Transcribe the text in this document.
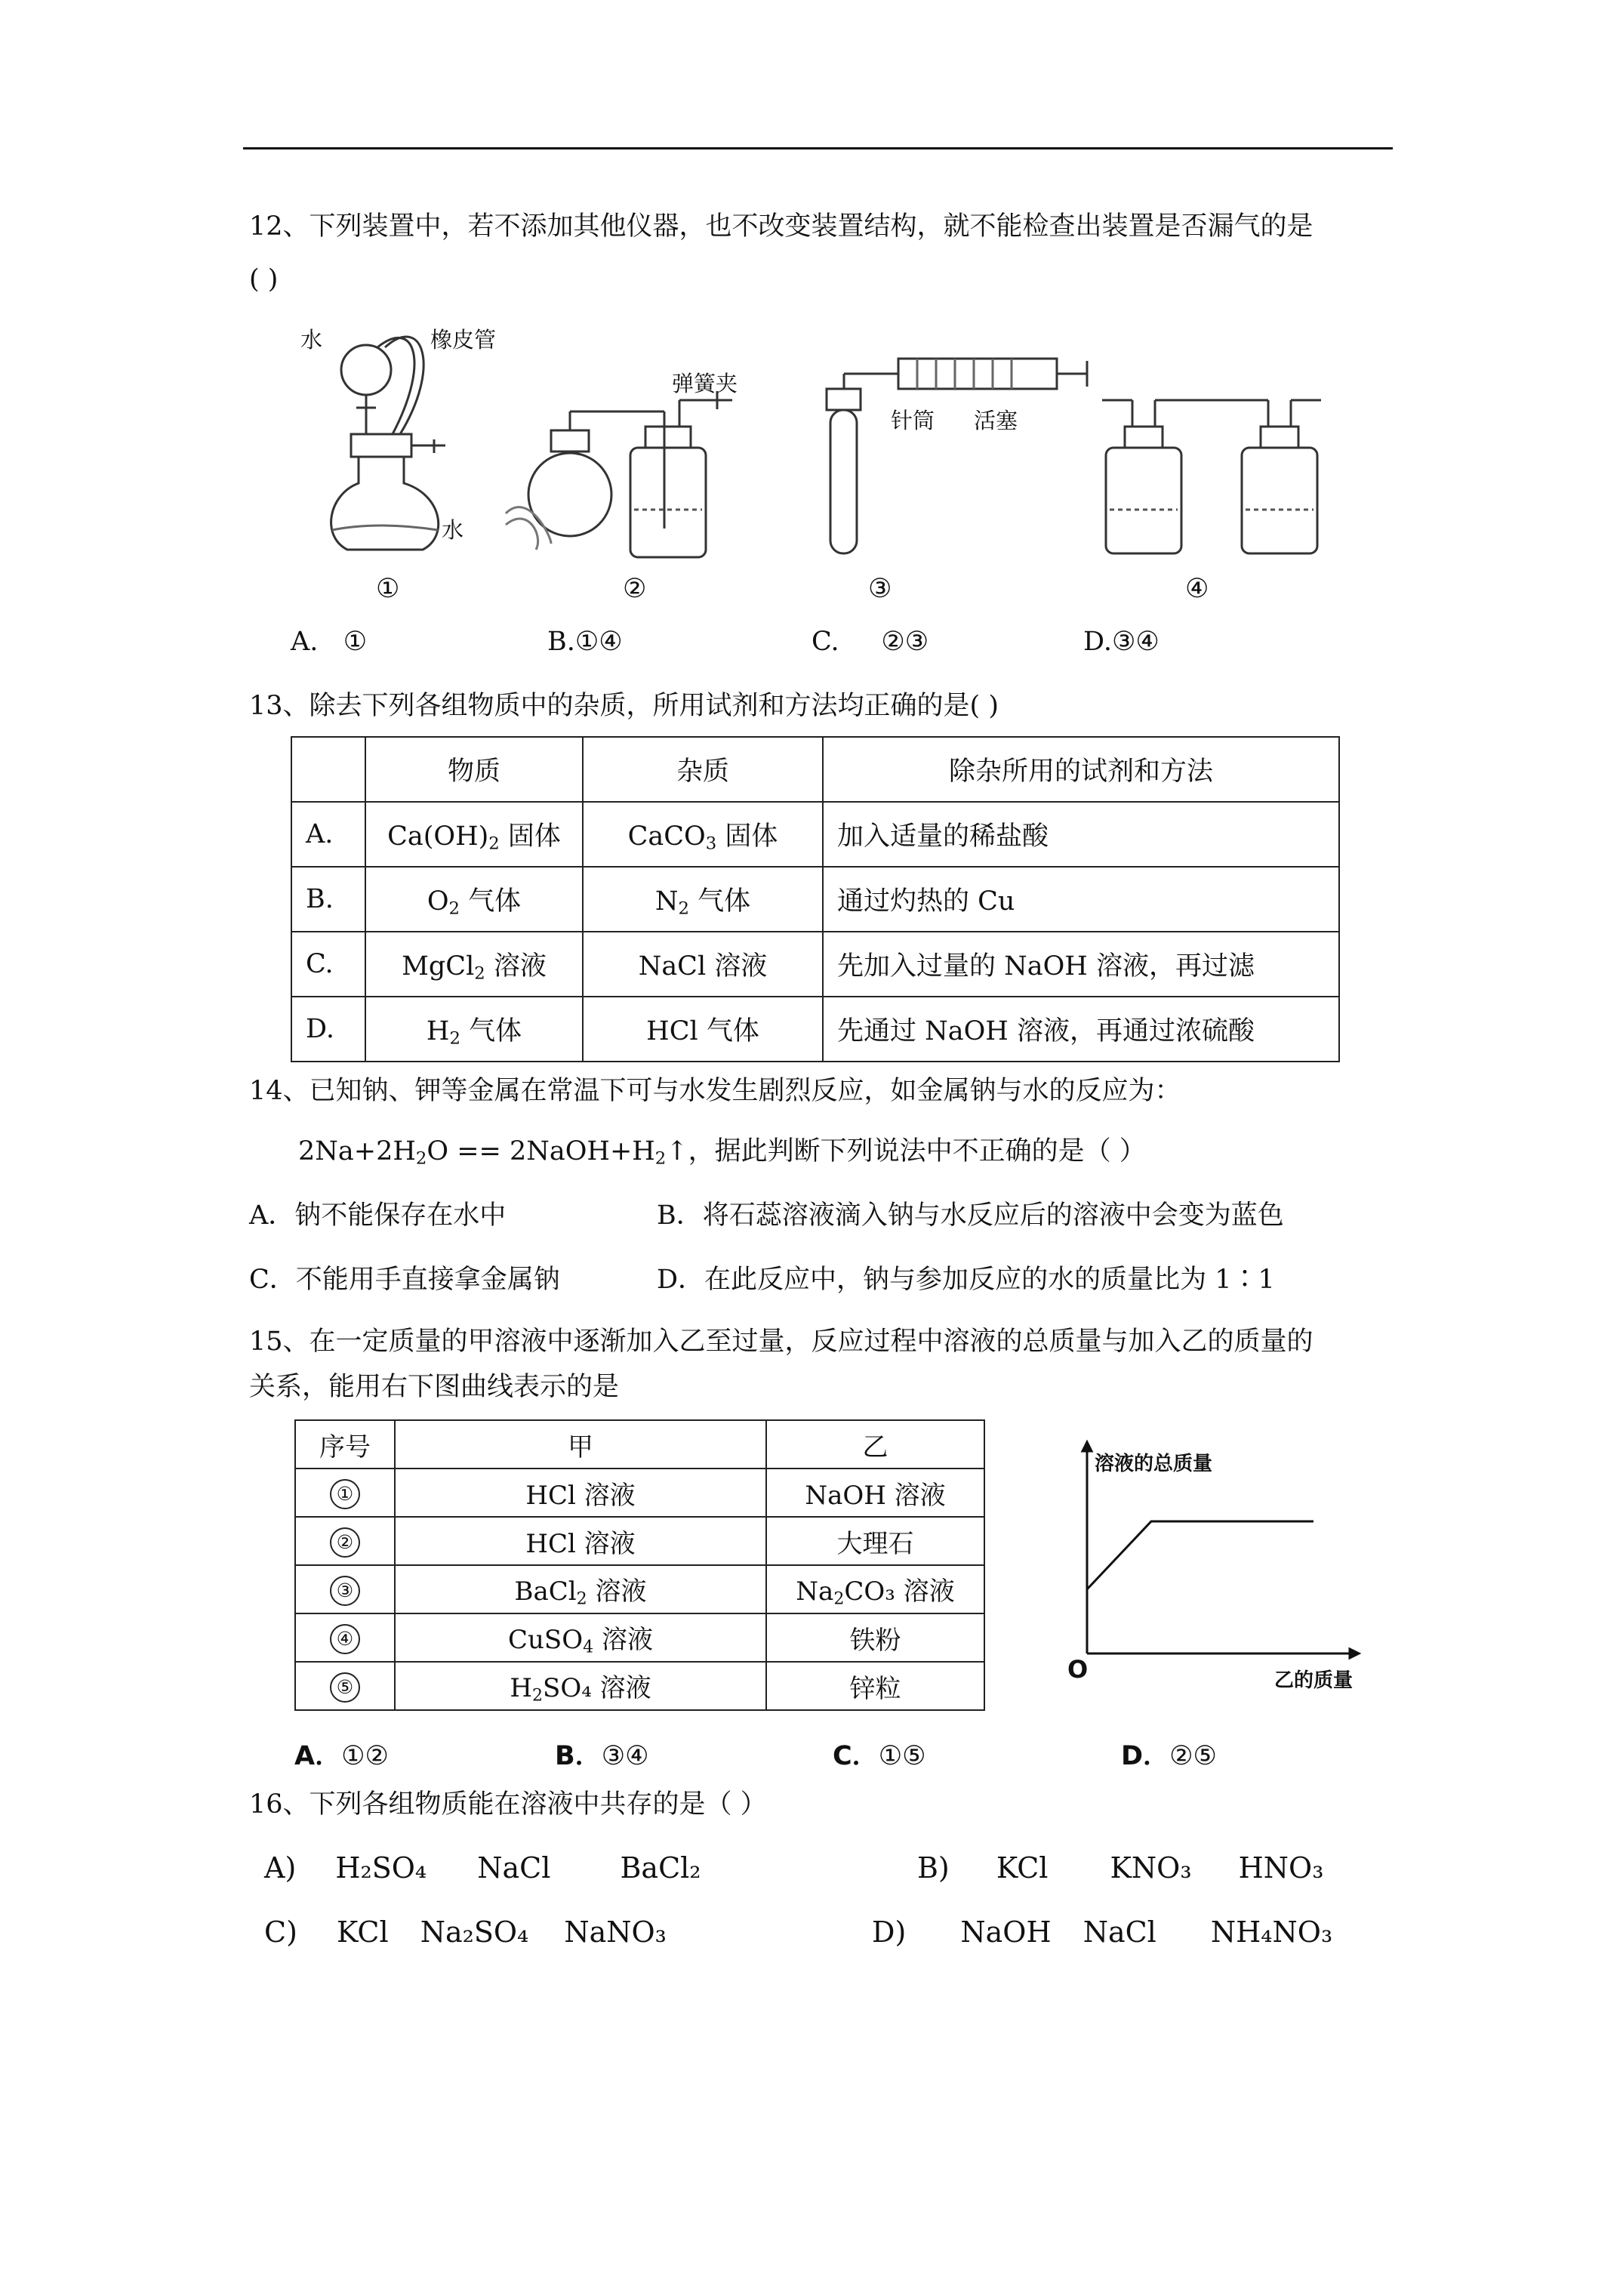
12、下列装置中，若不添加其他仪器，也不改变装置结构，就不能检查出装置是否漏气的是
( )
水	橡皮管
水
弹簧夹
针筒 活塞
①	②	③	④
A. ①	B.①④	C. ②③	D.③④
13、除去下列各组物质中的杂质，所用试剂和方法均正确的是( )
	物质	杂质	除杂所用的试剂和方法
A.	$Ca(OH)_2$ 固体	CaCO$_3$ 固体	加入适量的稀盐酸
B.	$O_2$ 气体	$N_2$ 气体	通过灼热的 Cu
C.	MgCl$_2$ 溶液	NaCl 溶液	先加入过量的 NaOH 溶液，再过滤
D.	$H_2$ 气体	HCl 气体	先通过 NaOH 溶液，再通过浓硫酸
14、已知钠、钾等金属在常温下可与水发生剧烈反应，如金属钠与水的反应为：
$2Na+2H_2O$ == $2NaOH+H_2↑$，据此判断下列说法中不正确的是（ ）
A．钠不能保存在水中	B．将石蕊溶液滴入钠与水反应后的溶液中会变为蓝色
C．不能用手直接拿金属钠	D．在此反应中，钠与参加反应的水的质量比为 1∶1
15、在一定质量的甲溶液中逐渐加入乙至过量，反应过程中溶液的总质量与加入乙的质量的
关系，能用右下图曲线表示的是
序号	甲	乙
①	HCl 溶液	NaOH 溶液
②	HCl 溶液	大理石
③	BaCl$_2$ 溶液	$Na_2CO_3$ 溶液
④	CuSO$_4$ 溶液	铁粉
⑤	$H_2SO_4$ 溶液	锌粒
溶液的总质量
乙的质量
O
A．①②	B．③④	C．①⑤	D．②⑤
16、下列各组物质能在溶液中共存的是（ ）
A) H₂SO₄ NaCl BaCl₂	B) KCl KNO₃ HNO₃
C) KCl Na₂SO₄ NaNO₃	D) NaOH NaCl NH₄NO₃
